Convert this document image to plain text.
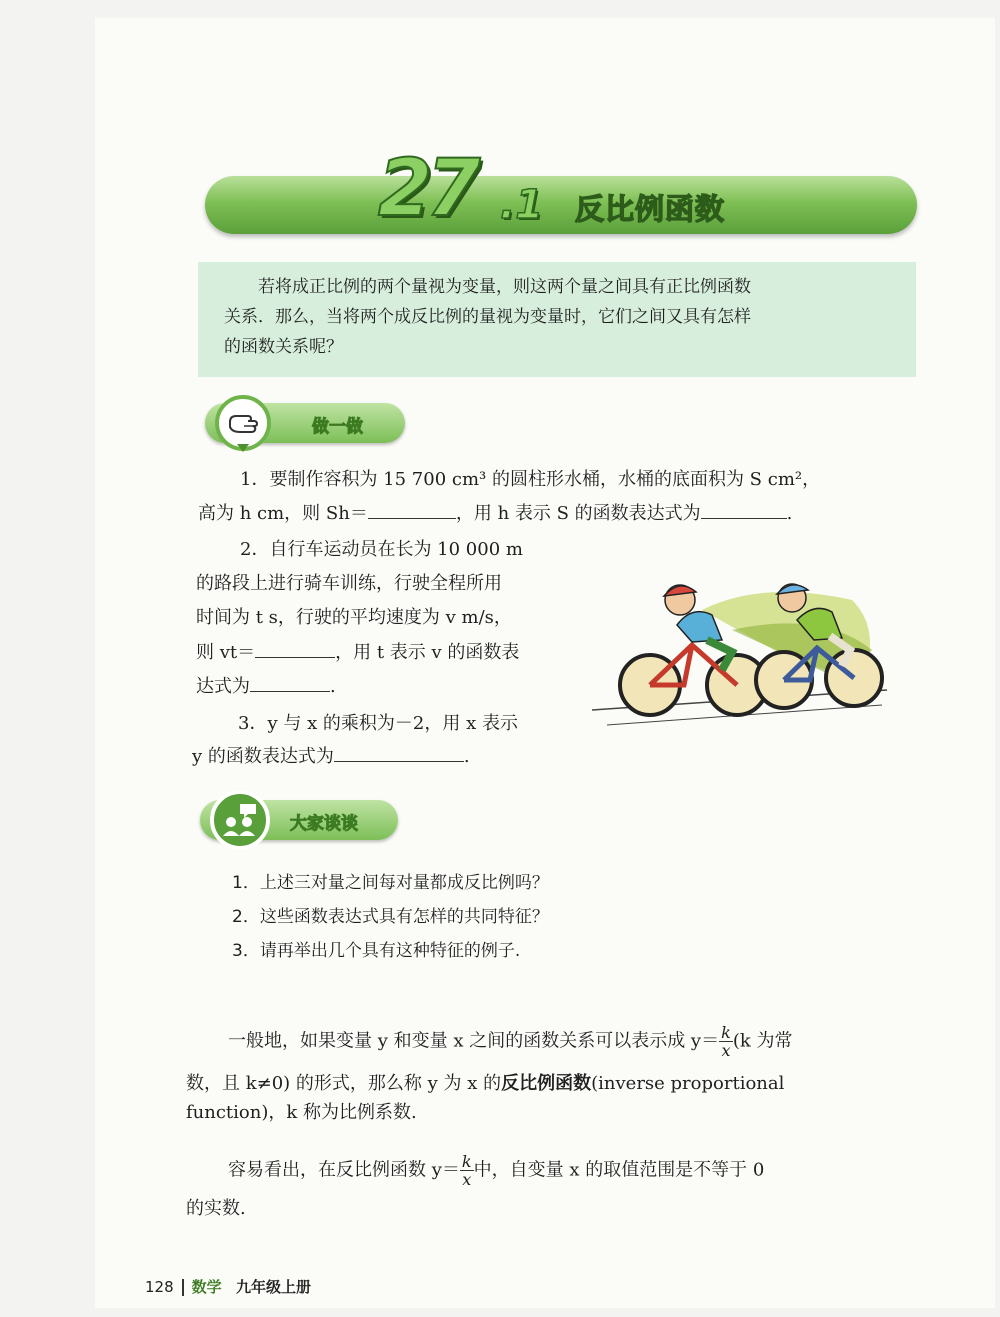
27 .1 反比例函数

若将成正比例的两个量视为变量，则这两个量之间具有正比例函数

关系．那么，当将两个成反比例的量视为变量时，它们之间又具有怎样
的函数关系呢？
做一做
1．要制作容积为 15 700 cm³ 的圆柱形水桶，水桶的底面积为 S cm²，
高为 h cm，则 Sh＝	，用 h 表示 S 的函数表达式为	.
2．自行车运动员在长为 10 000 m
的路段上进行骑车训练，行驶全程所用
时间为 t s，行驶的平均速度为 v m/s，
则 vt＝	，用 t 表示 v 的函数表
达式为	.
3．y 与 x 的乘积为－2，用 x 表示
y 的函数表达式为	.
大家谈谈
1．上述三对量之间每对量都成反比例吗？
2．这些函数表达式具有怎样的共同特征？
3．请再举出几个具有这种特征的例子.
一般地，如果变量 y 和变量 x 之间的函数关系可以表示成 $y= \frac{k}{x} (k$ 为常
数，且 k≠0) 的形式，那么称 y 为 x 的反比例函数(inverse proportional
function)，k 称为比例系数.
容易看出，在反比例函数 $y= \frac{k}{x}$ 中，自变量 x 的取值范围是不等于 0
的实数.
128 数学 九年级上册
